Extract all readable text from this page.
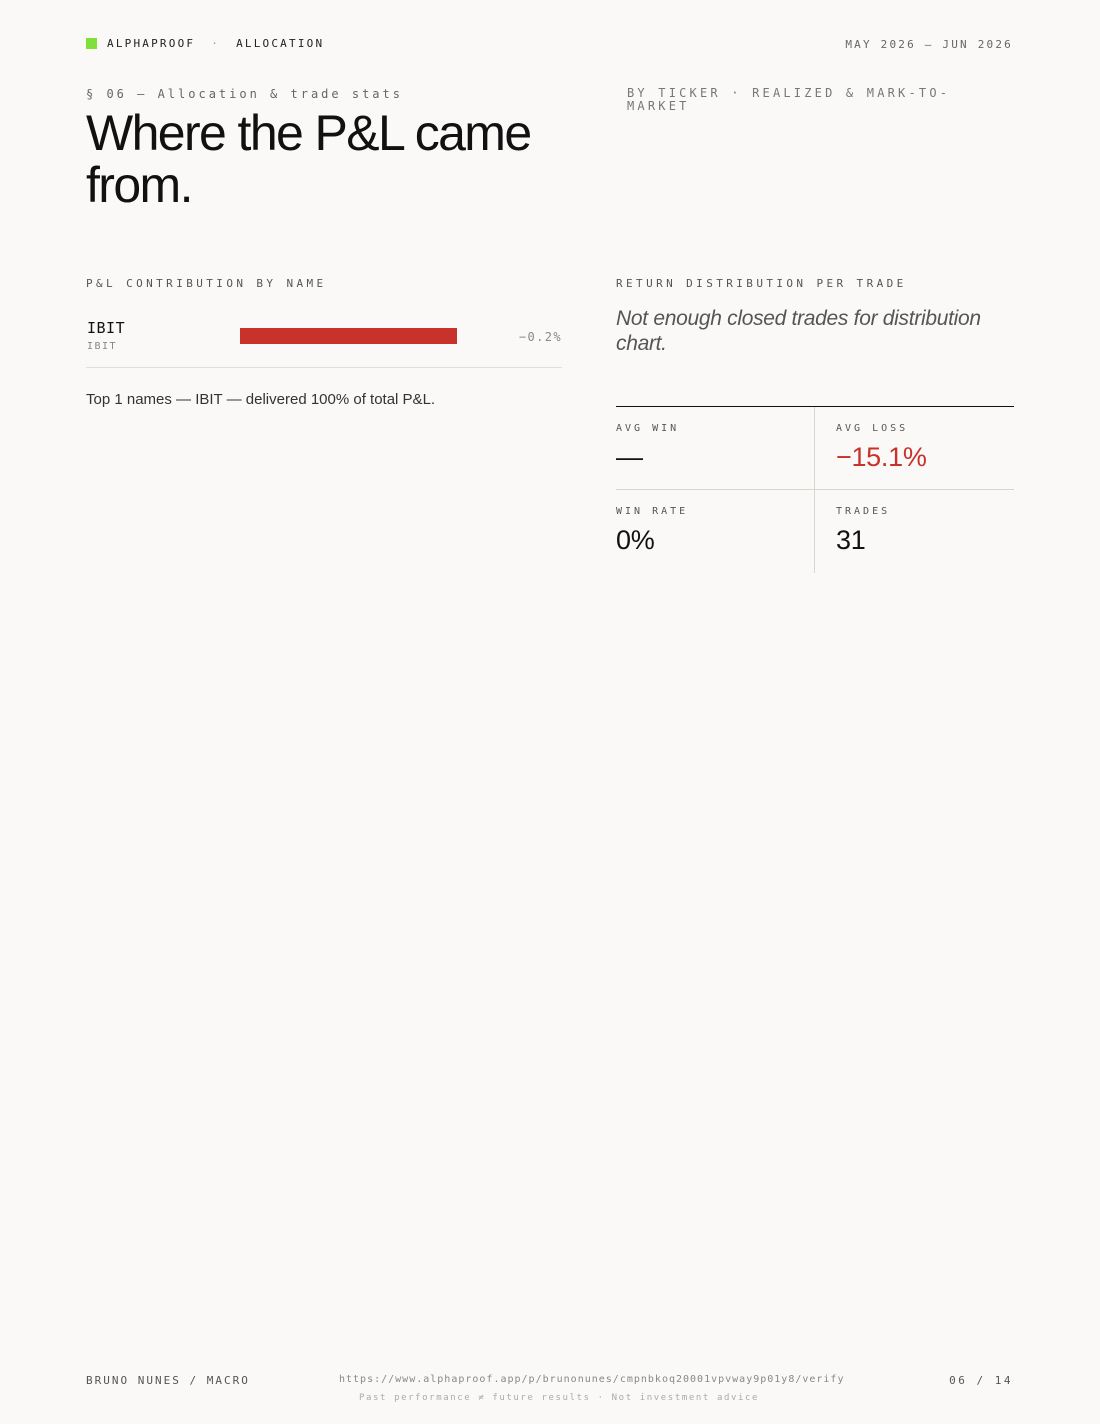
ALPHAPROOF · ALLOCATION	MAY 2026 — JUN 2026
§ 06 — Allocation & trade stats
Where the P&L came from.
BY TICKER · REALIZED & MARK-TO-MARKET
P&L CONTRIBUTION BY NAME
IBIT
IBIT
−0.2%
Top 1 names — IBIT — delivered 100% of total P&L.
RETURN DISTRIBUTION PER TRADE
Not enough closed trades for distribution chart.
AVG WIN
—
AVG LOSS
−15.1%
WIN RATE
0%
TRADES
31
BRUNO NUNES / MACRO	https://www.alphaproof.app/p/brunonunes/cmpnbkoq20001vpvway9p01y8/verify
Past performance ≠ future results · Not investment advice
06 / 14
